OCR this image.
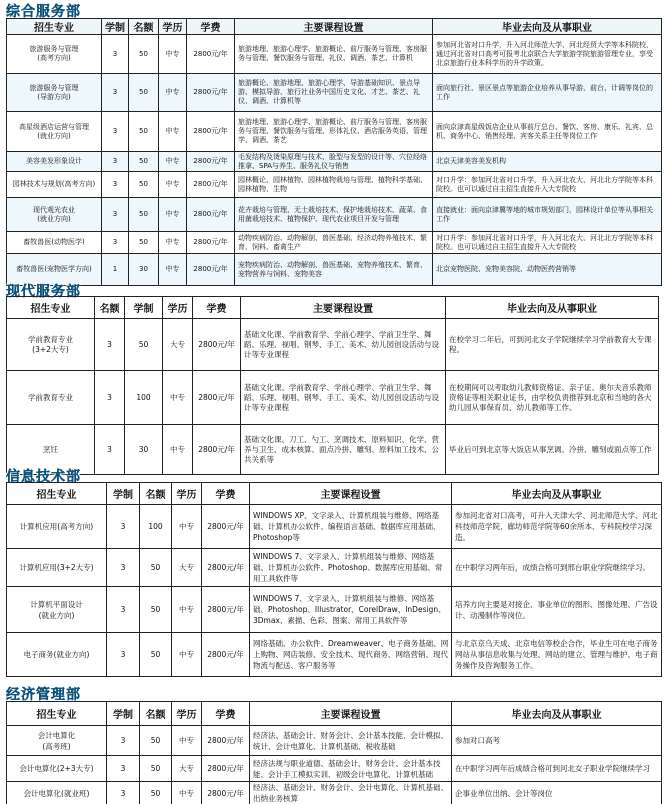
综合服务部
招生专业	学制	名额	学历	学费	主要课程设置	毕业去向及从事职业
旅游服务与管理
(高考方向)	3	50	中专	2800元/年	旅游地理、旅游心理学、旅游概论、前厅服务与管理、客房服务与管理、餐饮服务与管理、礼仪、调酒、茶艺、计算机	参加河北省对口升学，升入河北师范大学、河北经贸大学等本科院校，通过河北省对口高考可报考北京联合大学旅游学院旅游管理专业，享受北京旅游行业本科学历的升学政策。
旅游服务与管理
(导游方向)	3	50	中专	2800元/年	旅游概论、旅游地理、旅游心理学、导游基础知识、景点导游、模拟导游、旅行社业务中国历史文化、才艺、茶艺、礼仪、调酒、计算机等	面向旅行社、景区景点等旅游企业培养从事导游、前台、计调等岗位的工作
高星级酒店运营与管理
(就业方向)	3	50	中专	2800元/年	旅游地理、旅游心理学、旅游概论、前厅服务与管理、客房服务与管理、餐饮服务与管理、形体礼仪、酒店服务英语、管理学、调酒、茶艺	面向京津高星级饭店企业从事前厅总台、餐饮、客房、康乐、礼宾、总机、商务中心、销售经理、宾客关系主任等岗位工作
美容美发形象设计	3	50	中专	2800元/年	毛发结构及烫染原理与技术、脸型与发型的设计等、穴位经络推拿、SPA与养生、服务礼仪与销售	北京天津美容美发机构
园林技术与规划(高考方向)	3	50	中专	2800元/年	园林概论、园林植物、园林植物栽培与管理、植物科学基础、园林植物、生物	对口升学：参加河北省对口升学，升入河北农大、河北北方学院等本科院校。也可以通过自主招生直接升入大专院校
现代观光农业
(就业方向)	3	50	中专	2800元/年	花卉栽培与管理、无土栽培技术、保护地栽培技术、蔬菜、食用菌栽培技术、植物保护、现代农业项目开发与管理	直接就业：面向京津冀等地的城市规划部门，园林设计单位等从事相关工作
畜牧兽医(动物医学)	3	50	中专	2800元/年	动物疾病防治、动物解剖、兽医基础、经济动物养殖技术、繁育、饲料、畜禽生产	对口升学：参加河北省对口升学，升入河北农大、河北北方学院等本科院校。也可以通过自主招生直接升入大专院校
畜牧兽医(宠物医学方向)	1	30	中专	2800元/年	宠物疾病防治、动物解剖、兽医基础、宠物养殖技术、繁育、宠物营养与饲料、宠物美容	北京宠物医院、宠物美容院、动物医药营销等
现代服务部
招生专业	名额	学制	学历	学费	主要课程设置	毕业去向及从事职业
学前教育专业
(3+2大专)	3	50	大专	2800元/年	基础文化课、学前教育学、学前心理学、学前卫生学、舞蹈、乐理、视唱、钢琴、手工、美术、幼儿园创设活动与设计等专业课程	在校学习二年后，可到河北女子学院继续学习学前教育大专课程。
学前教育专业	3	100	中专	2800元/年	基础文化课、学前教育学、学前心理学、学前卫生学、舞蹈、乐理、视唱、钢琴、手工、美术、幼儿园创设活动与设计等专业课程	在校期间可以考取幼儿教师资格证、亲子证、奥尔夫音乐教师资格证等相关职业证书，由学校负责推荐到北京和当地的各大幼儿园从事保育员、幼儿教师等工作。
烹饪	3	30	中专	2800元/年	基础文化课、刀工、勺工、烹调技术、原料知识、化学、营养与卫生、成本核算、面点冷拼、雕刻、原料加工技术、公共关系等	毕业后可到北京等大饭店从事烹调、冷拼、雕刻或面点等工作
信息技术部
招生专业	学制	名额	学历	学费	主要课程设置	毕业去向及从事职业
计算机应用(高考方向)	3	100	中专	2800元/年	WINDOWS XP、文字录入、计算机组装与维修、网络基础、计算机办公软件、编程语言基础、数据库应用基础、Photoshop等	参加河北省对口高考，可升入天津大学、河北师范大学、河北科技师范学院、廊坊师范学院等60余所本、专科院校学习深造。
计算机应用(3+2大专)	3	50	大专	2800元/年	WINDOWS 7、文字录入、计算机组装与维修、网络基础、计算机办公软件、Photoshop、数据库应用基础、常用工具软件等	在中职学习两年后，成绩合格可到邢台职业学院继续学习。
计算机平面设计
(就业方向)	3	50	中专	2800元/年	WINDOWS 7、文字录入、计算机组装与维修、网络基础、Photoshop、Illustrator、CorelDraw、InDesign、3Dmax、素描、色彩、图案、常用工具软件等	培养方向主要是对接企、事业单位的图形、图像处理、广告设计、动漫制作等岗位。
电子商务(就业方向)	3	50	中专	2800元/年	网络基础、办公软件、Dreamweaver、电子商务基础、网上购物、网店装修、安全技术、现代商务、网络营销、现代物流与配送、客户服务等	与北京京乌天成、北京电信等校企合作，毕业生可在电子商务网站从事信息收集与处理、网站的建立、管理与维护、电子商务操作及咨询服务工作。
经济管理部
招生专业	学制	名额	学历	学费	主要课程设置	毕业去向及从事职业
会计电算化
(高考班)	3	50	中专	2800元/年	经济法、基础会计、财务会计、会计基本技能、会计模拟、统计、会计电算化、计算机基础、税收基础	参加对口高考
会计电算化(2+3大专)	3	50	大专	2800元/年	经济法规与职业道德、基础会计、财务会计、会计基本技能、会计手工模拟实训、初级会计电算化、计算机基础	在中职学习两年后成绩合格可到河北女子职业学院继续学习
会计电算化(就业班)	3	50	中专	2800元/年	经济法、基础会计、财务会计、会计电算化、计算机基础、出纳业务核算	企事业单位出纳、会计等岗位
